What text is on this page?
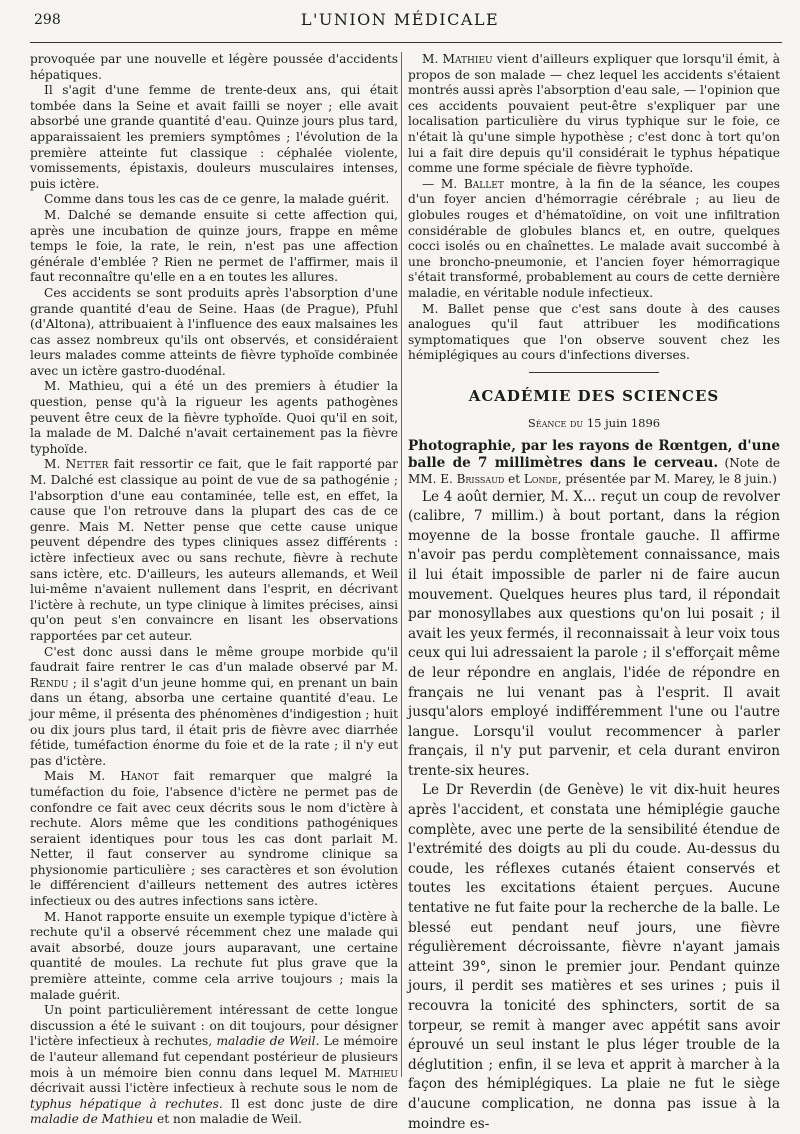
298	L'UNION MÉDICALE

provoquée par une nouvelle et légère poussée d'accidents hépatiques.

Il s'agit d'une femme de trente-deux ans, qui était tombée dans la Seine et avait failli se noyer ; elle avait absorbé une grande quantité d'eau. Quinze jours plus tard, apparaissaient les premiers symptômes ; l'évolution de la première atteinte fut classique : céphalée violente, vomissements, épistaxis, douleurs musculaires intenses, puis ictère.

Comme dans tous les cas de ce genre, la malade guérit.

M. Dalché se demande ensuite si cette affection qui, après une incubation de quinze jours, frappe en même temps le foie, la rate, le rein, n'est pas une affection générale d'emblée ? Rien ne permet de l'affirmer, mais il faut reconnaître qu'elle en a en toutes les allures.

Ces accidents se sont produits après l'absorption d'une grande quantité d'eau de Seine. Haas (de Prague), Pfuhl (d'Altona), attribuaient à l'influence des eaux malsaines les cas assez nombreux qu'ils ont observés, et considéraient leurs malades comme atteints de fièvre typhoïde combinée avec un ictère gastro-duodénal.

M. Mathieu, qui a été un des premiers à étudier la question, pense qu'à la rigueur les agents pathogènes peuvent être ceux de la fièvre typhoïde. Quoi qu'il en soit, la malade de M. Dalché n'avait certainement pas la fièvre typhoïde.

M. Netter fait ressortir ce fait, que le fait rapporté par M. Dalché est classique au point de vue de sa pathogénie ; l'absorption d'une eau contaminée, telle est, en effet, la cause que l'on retrouve dans la plupart des cas de ce genre. Mais M. Netter pense que cette cause unique peuvent dépendre des types cliniques assez différents : ictère infectieux avec ou sans rechute, fièvre à rechute sans ictère, etc. D'ailleurs, les auteurs allemands, et Weil lui-même n'avaient nullement dans l'esprit, en décrivant l'ictère à rechute, un type clinique à limites précises, ainsi qu'on peut s'en convaincre en lisant les observations rapportées par cet auteur.

C'est donc aussi dans le même groupe morbide qu'il faudrait faire rentrer le cas d'un malade observé par M. Rendu ; il s'agit d'un jeune homme qui, en prenant un bain dans un étang, absorba une certaine quantité d'eau. Le jour même, il présenta des phénomènes d'indigestion ; huit ou dix jours plus tard, il était pris de fièvre avec diarrhée fétide, tuméfaction énorme du foie et de la rate ; il n'y eut pas d'ictère.

Mais M. Hanot fait remarquer que malgré la tuméfaction du foie, l'absence d'ictère ne permet pas de confondre ce fait avec ceux décrits sous le nom d'ictère à rechute. Alors même que les conditions pathogéniques seraient identiques pour tous les cas dont parlait M. Netter, il faut conserver au syndrome clinique sa physionomie particulière ; ses caractères et son évolution le différencient d'ailleurs nettement des autres ictères infectieux ou des autres infections sans ictère.

M. Hanot rapporte ensuite un exemple typique d'ictère à rechute qu'il a observé récemment chez une malade qui avait absorbé, douze jours auparavant, une certaine quantité de moules. La rechute fut plus grave que la première atteinte, comme cela arrive toujours ; mais la malade guérit.

Un point particulièrement intéressant de cette longue discussion a été le suivant : on dit toujours, pour désigner l'ictère infectieux à rechutes, maladie de Weil. Le mémoire de l'auteur allemand fut cependant postérieur de plusieurs mois à un mémoire bien connu dans lequel M. Mathieu décrivait aussi l'ictère infectieux à rechute sous le nom de typhus hépatique à rechutes. Il est donc juste de dire maladie de Mathieu et non maladie de Weil.

M. Mathieu vient d'ailleurs expliquer que lorsqu'il émit, à propos de son malade — chez lequel les accidents s'étaient montrés aussi après l'absorption d'eau sale, — l'opinion que ces accidents pouvaient peut-être s'expliquer par une localisation particulière du virus typhique sur le foie, ce n'était là qu'une simple hypothèse ; c'est donc à tort qu'on lui a fait dire depuis qu'il considérait le typhus hépatique comme une forme spéciale de fièvre typhoïde.

— M. Ballet montre, à la fin de la séance, les coupes d'un foyer ancien d'hémorragie cérébrale ; au lieu de globules rouges et d'hématoïdine, on voit une infiltration considérable de globules blancs et, en outre, quelques cocci isolés ou en chaînettes. Le malade avait succombé à une broncho-pneumonie, et l'ancien foyer hémorragique s'était transformé, probablement au cours de cette dernière maladie, en véritable nodule infectieux.

M. Ballet pense que c'est sans doute à des causes analogues qu'il faut attribuer les modifications symptomatiques que l'on observe souvent chez les hémiplégiques au cours d'infections diverses.

ACADÉMIE DES SCIENCES
Séance du 15 juin 1896
Photographie, par les rayons de Rœntgen, d'une balle de 7 millimètres dans le cerveau. (Note de MM. E. Brissaud et Londe, présentée par M. Marey, le 8 juin.)

Le 4 août dernier, M. X... reçut un coup de revolver (calibre, 7 millim.) à bout portant, dans la région moyenne de la bosse frontale gauche. Il affirme n'avoir pas perdu complètement connaissance, mais il lui était impossible de parler ni de faire aucun mouvement. Quelques heures plus tard, il répondait par monosyllabes aux questions qu'on lui posait ; il avait les yeux fermés, il reconnaissait à leur voix tous ceux qui lui adressaient la parole ; il s'efforçait même de leur répondre en anglais, l'idée de répondre en français ne lui venant pas à l'esprit. Il avait jusqu'alors employé indifféremment l'une ou l'autre langue. Lorsqu'il voulut recommencer à parler français, il n'y put parvenir, et cela durant environ trente-six heures.

Le Dr Reverdin (de Genève) le vit dix-huit heures après l'accident, et constata une hémiplégie gauche complète, avec une perte de la sensibilité étendue de l'extrémité des doigts au pli du coude. Au-dessus du coude, les réflexes cutanés étaient conservés et toutes les excitations étaient perçues. Aucune tentative ne fut faite pour la recherche de la balle. Le blessé eut pendant neuf jours, une fièvre régulièrement décroissante, fièvre n'ayant jamais atteint 39°, sinon le premier jour. Pendant quinze jours, il perdit ses matières et ses urines ; puis il recouvra la tonicité des sphincters, sortit de sa torpeur, se remit à manger avec appétit sans avoir éprouvé un seul instant le plus léger trouble de la déglutition ; enfin, il se leva et apprit à marcher à la façon des hémiplégiques. La plaie ne fut le siège d'aucune complication, ne donna pas issue à la moindre es-
